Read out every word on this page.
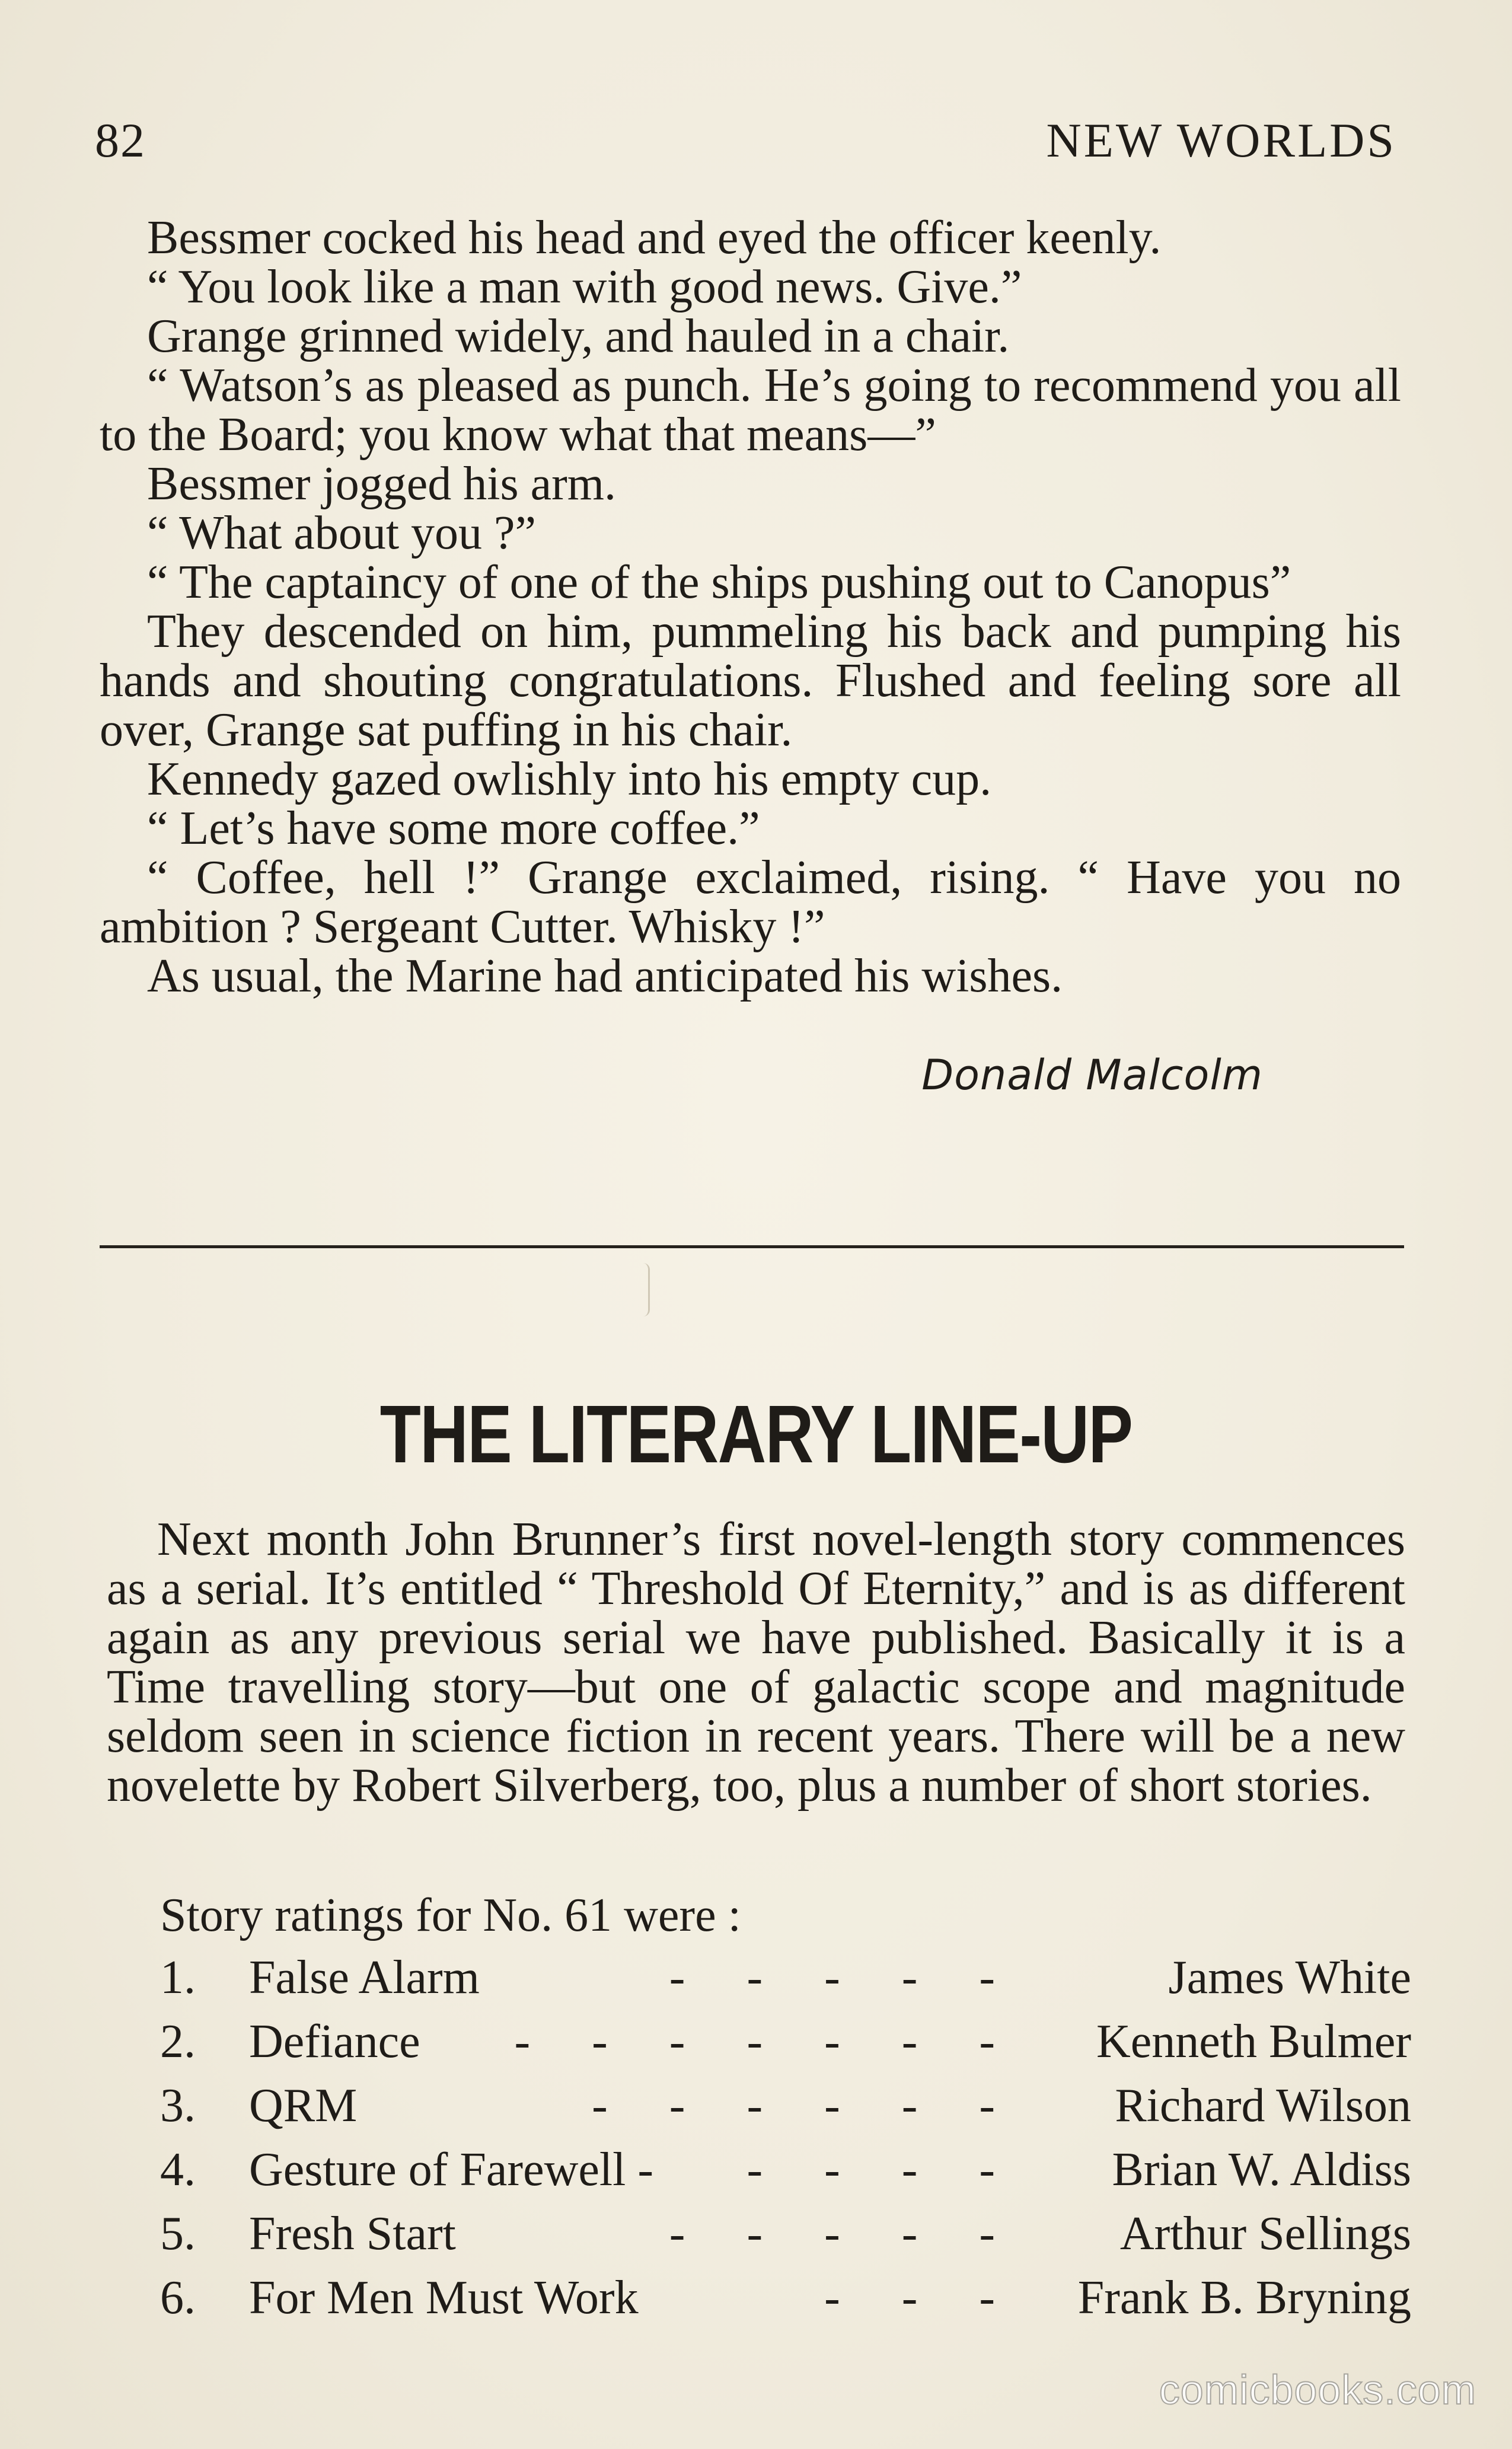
82	NEW WORLDS

Bessmer cocked his head and eyed the officer keenly.

“ You look like a man with good news. Give.”

Grange grinned widely, and hauled in a chair.

“ Watson’s as pleased as punch. He’s going to recommend you all to the Board; you know what that means—”

Bessmer jogged his arm.

“ What about you ?”

“ The captaincy of one of the ships pushing out to Canopus”

They descended on him, pummeling his back and pumping his hands and shouting congratulations. Flushed and feeling sore all over, Grange sat puffing in his chair.

Kennedy gazed owlishly into his empty cup.

“ Let’s have some more coffee.”

“ Coffee, hell !” Grange exclaimed, rising. “ Have you no ambition ? Sergeant Cutter. Whisky !”

As usual, the Marine had anticipated his wishes.

Donald Malcolm
THE LITERARY LINE-UP

Next month John Brunner’s first novel-length story commences as a serial. It’s entitled “ Threshold Of Eternity,” and is as different again as any previous serial we have published. Basically it is a Time travelling story—but one of galactic scope and magnitude seldom seen in science fiction in recent years. There will be a new novelette by Robert Silverberg, too, plus a number of short stories.

Story ratings for No. 61 were :
1. False Alarm	- - - - -	James White
2. Defiance - - - - - - - Kenneth Bulmer
3. QRM	- - - - - - Richard Wilson
4. Gesture of Farewell - - - - - Brian W. Aldiss
5. Fresh Start	- - - - - Arthur Sellings
6. For Men Must Work	- - - Frank B. Bryning
comicbooks.com
